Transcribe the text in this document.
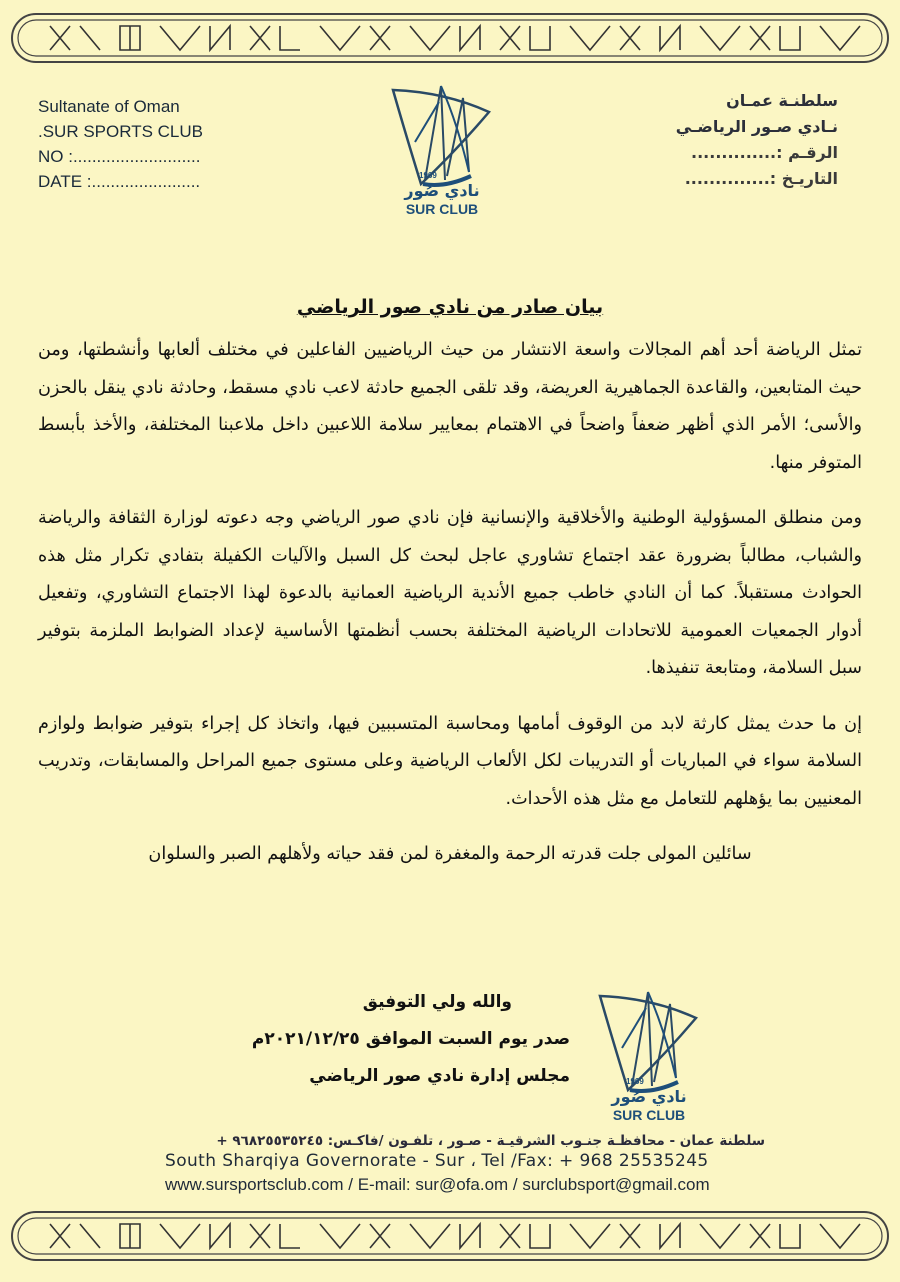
Sultanate of Oman
.SUR SPORTS CLUB
NO :...........................
DATE :.......................	1969
نادي صُور
SUR CLUB
سلطنـة عمـان
نـادي صـور الرياضـي
الرقـم :..............
التاريـخ :..............
بيان صادر من نادي صور الرياضي

تمثل الرياضة أحد أهم المجالات واسعة الانتشار من حيث الرياضيين الفاعلين في مختلف ألعابها وأنشطتها، ومن حيث المتابعين، والقاعدة الجماهيرية العريضة، وقد تلقى الجميع حادثة لاعب نادي مسقط، وحادثة نادي ينقل بالحزن والأسى؛ الأمر الذي أظهر ضعفاً واضحاً في الاهتمام بمعايير سلامة اللاعبين داخل ملاعبنا المختلفة، والأخذ بأبسط المتوفر منها.

ومن منطلق المسؤولية الوطنية والأخلاقية والإنسانية فإن نادي صور الرياضي وجه دعوته لوزارة الثقافة والرياضة والشباب، مطالباً بضرورة عقد اجتماع تشاوري عاجل لبحث كل السبل والآليات الكفيلة بتفادي تكرار مثل هذه الحوادث مستقبلاً. كما أن النادي خاطب جميع الأندية الرياضية العمانية بالدعوة لهذا الاجتماع التشاوري، وتفعيل أدوار الجمعيات العمومية للاتحادات الرياضية المختلفة بحسب أنظمتها الأساسية لإعداد الضوابط الملزمة بتوفير سبل السلامة، ومتابعة تنفيذها.

إن ما حدث يمثل كارثة لابد من الوقوف أمامها ومحاسبة المتسببين فيها، واتخاذ كل إجراء بتوفير ضوابط ولوازم السلامة سواء في المباريات أو التدريبات لكل الألعاب الرياضية وعلى مستوى جميع المراحل والمسابقات، وتدريب المعنيين بما يؤهلهم للتعامل مع مثل هذه الأحداث.

سائلين المولى جلت قدرته الرحمة والمغفرة لمن فقد حياته ولأهلهم الصبر والسلوان

والله ولي التوفيق
صدر يوم السبت الموافق ٢٠٢١/١٢/٢٥م
مجلس إدارة نادي صور الرياضي	1969
نادي صُور
SUR CLUB
سلطنة عمان - محافظـة جنـوب الشرقيـة - صـور ، تلفـون /فاكـس: ٩٦٨٢٥٥٣٥٢٤٥ +
South Sharqiya Governorate - Sur ، Tel /Fax: + 968 25535245
www.sursportsclub.com / E-mail: sur@ofa.om / surclubsport@gmail.com
